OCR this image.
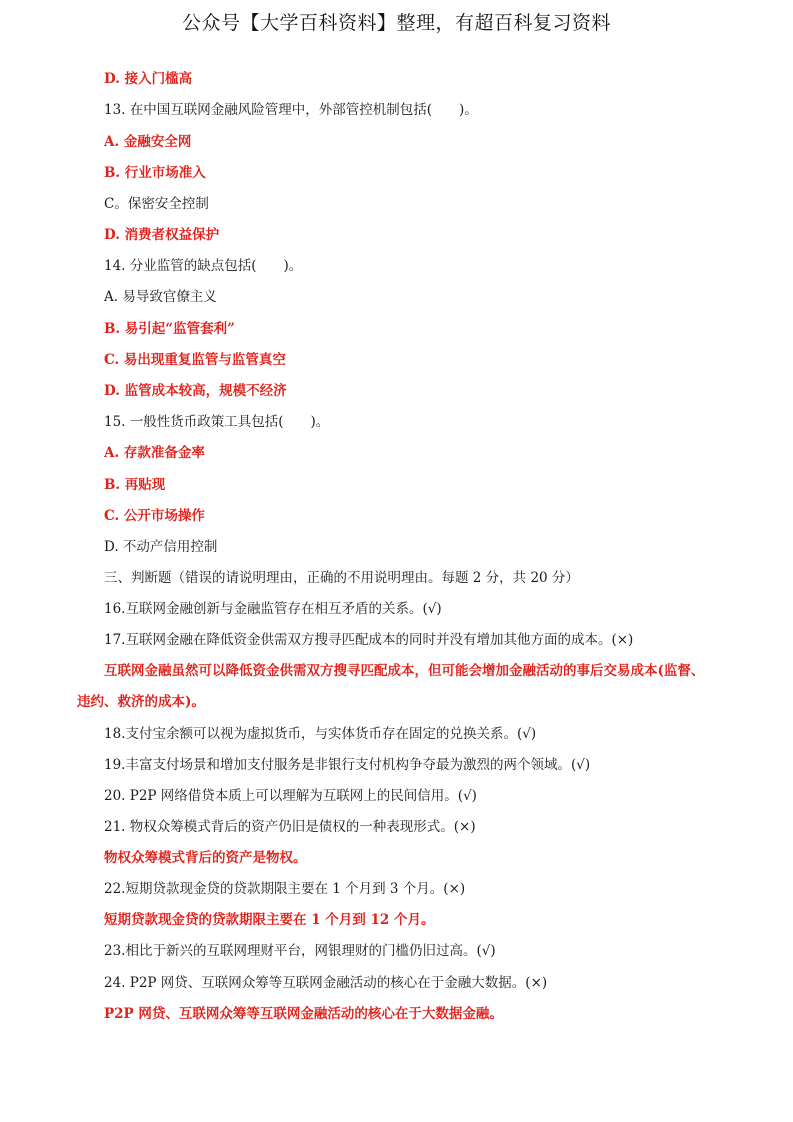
公众号【大学百科资料】整理，有超百科复习资料
D. 接入门槛高
13. 在中国互联网金融风险管理中，外部管控机制包括(　　)。
A. 金融安全网
B. 行业市场准入
C。保密安全控制
D. 消费者权益保护
14. 分业监管的缺点包括(　　)。
A. 易导致官僚主义
B. 易引起“监管套利”
C. 易出现重复监管与监管真空
D. 监管成本较高，规模不经济
15. 一般性货币政策工具包括(　　)。
A. 存款准备金率
B. 再贴现
C. 公开市场操作
D. 不动产信用控制
三、判断题（错误的请说明理由，正确的不用说明理由。每题 2 分，共 20 分）
16.互联网金融创新与金融监管存在相互矛盾的关系。(√)
17.互联网金融在降低资金供需双方搜寻匹配成本的同时并没有增加其他方面的成本。(×)
互联网金融虽然可以降低资金供需双方搜寻匹配成本，但可能会增加金融活动的事后交易成本(监督、
违约、救济的成本)。
18.支付宝余额可以视为虚拟货币，与实体货币存在固定的兑换关系。(√)
19.丰富支付场景和增加支付服务是非银行支付机构争夺最为激烈的两个领域。(√)
20. P2P 网络借贷本质上可以理解为互联网上的民间信用。(√)
21. 物权众筹模式背后的资产仍旧是债权的一种表现形式。(×)
物权众筹模式背后的资产是物权。
22.短期贷款现金贷的贷款期限主要在 1 个月到 3 个月。(×)
短期贷款现金贷的贷款期限主要在 1 个月到 12 个月。
23.相比于新兴的互联网理财平台，网银理财的门槛仍旧过高。(√)
24. P2P 网贷、互联网众筹等互联网金融活动的核心在于金融大数据。(×)
P2P 网贷、互联网众筹等互联网金融活动的核心在于大数据金融。
